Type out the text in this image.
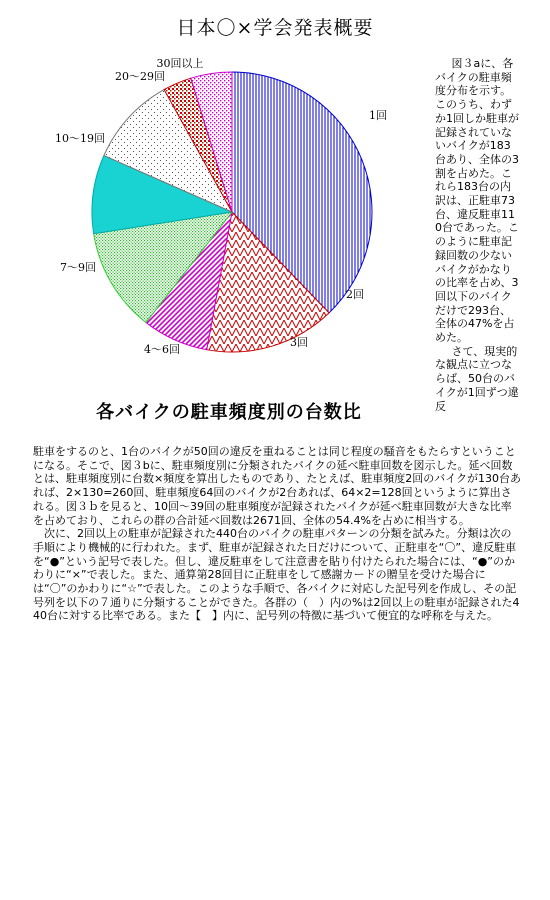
日本〇×学会発表概要
1回
2回
3回
4〜6回
7〜9回
10〜19回
20〜29回
30回以上	図３aに、各バイクの駐車頻度分布を示す。このうち、わずか1回しか駐車が記録されていないバイクが183台あり、全体の3割を占めた。これら183台の内訳は、正駐車73台、違反駐車110台であった。このように駐車記録回数の少ないバイクがかなりの比率を占め、3回以下のバイクだけで293台、全体の47%を占めた。

さて、現実的な観点に立つならば、50台のバイクが1回ずつ違反

各バイクの駐車頻度別の台数比

駐車をするのと、1台のバイクが50回の違反を重ねることは同じ程度の騒音をもたらすということになる。そこで、図３bに、駐車頻度別に分類されたバイクの延べ駐車回数を図示した。延べ回数とは、駐車頻度別に台数×頻度を算出したものであり、たとえば、駐車頻度2回のバイクが130台あれば、2×130=260回、駐車頻度64回のバイクが2台あれば、64×2=128回というように算出される。図３ｂを見ると、10回〜39回の駐車頻度が記録されたバイクが延べ駐車回数が大きな比率を占めており、これらの群の合計延べ回数は2671回、全体の54.4%を占めに相当する。

次に、2回以上の駐車が記録された440台のバイクの駐車パターンの分類を試みた。分類は次の手順により機械的に行われた。まず、駐車が記録された日だけについて、正駐車を“〇”、違反駐車を“●”という記号で表した。但し、違反駐車をして注意書を貼り付けたられた場合には、“●”のかわりに“×”で表した。また、通算第28回目に正駐車をして感謝カードの贈呈を受けた場合には“〇”のかわりに“☆”で表した。このような手順で、各バイクに対応した記号列を作成し、その記号列を以下の７通りに分類することができた。各群の（　）内の%は2回以上の駐車が記録された440台に対する比率である。また【　】内に、記号列の特徴に基づいて便宜的な呼称を与えた。
